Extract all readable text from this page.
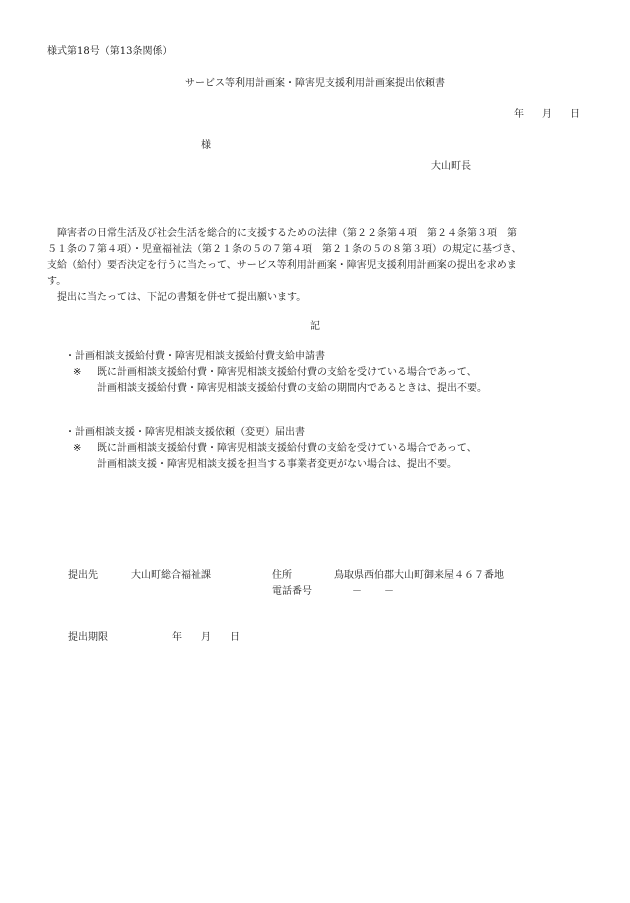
様式第18号（第13条関係）
サービス等利用計画案・障害児支援利用計画案提出依頼書
年 月 日
様
大山町長
障害者の日常生活及び社会生活を総合的に支援するための法律（第２２条第４項　第２４条第３項　第
５１条の７第４項）・児童福祉法（第２１条の５の７第４項　第２１条の５の８第３項）の規定に基づき、
支給（給付）要否決定を行うに当たって、サービス等利用計画案・障害児支援利用計画案の提出を求めま
す。
提出に当たっては、下記の書類を併せて提出願います。
記
・計画相談支援給付費・障害児相談支援給付費支給申請書
※ 既に計画相談支援給付費・障害児相談支援給付費の支給を受けている場合であって、
計画相談支援給付費・障害児相談支援給付費の支給の期間内であるときは、提出不要。
・計画相談支援・障害児相談支援依頼（変更）届出書
※ 既に計画相談支援給付費・障害児相談支援給付費の支給を受けている場合であって、
計画相談支援・障害児相談支援を担当する事業者変更がない場合は、提出不要。
提出先	大山町総合福祉課	住所	鳥取県西伯郡大山町御来屋４６７番地
電話番号	－　－
提出期限	年 月 日
